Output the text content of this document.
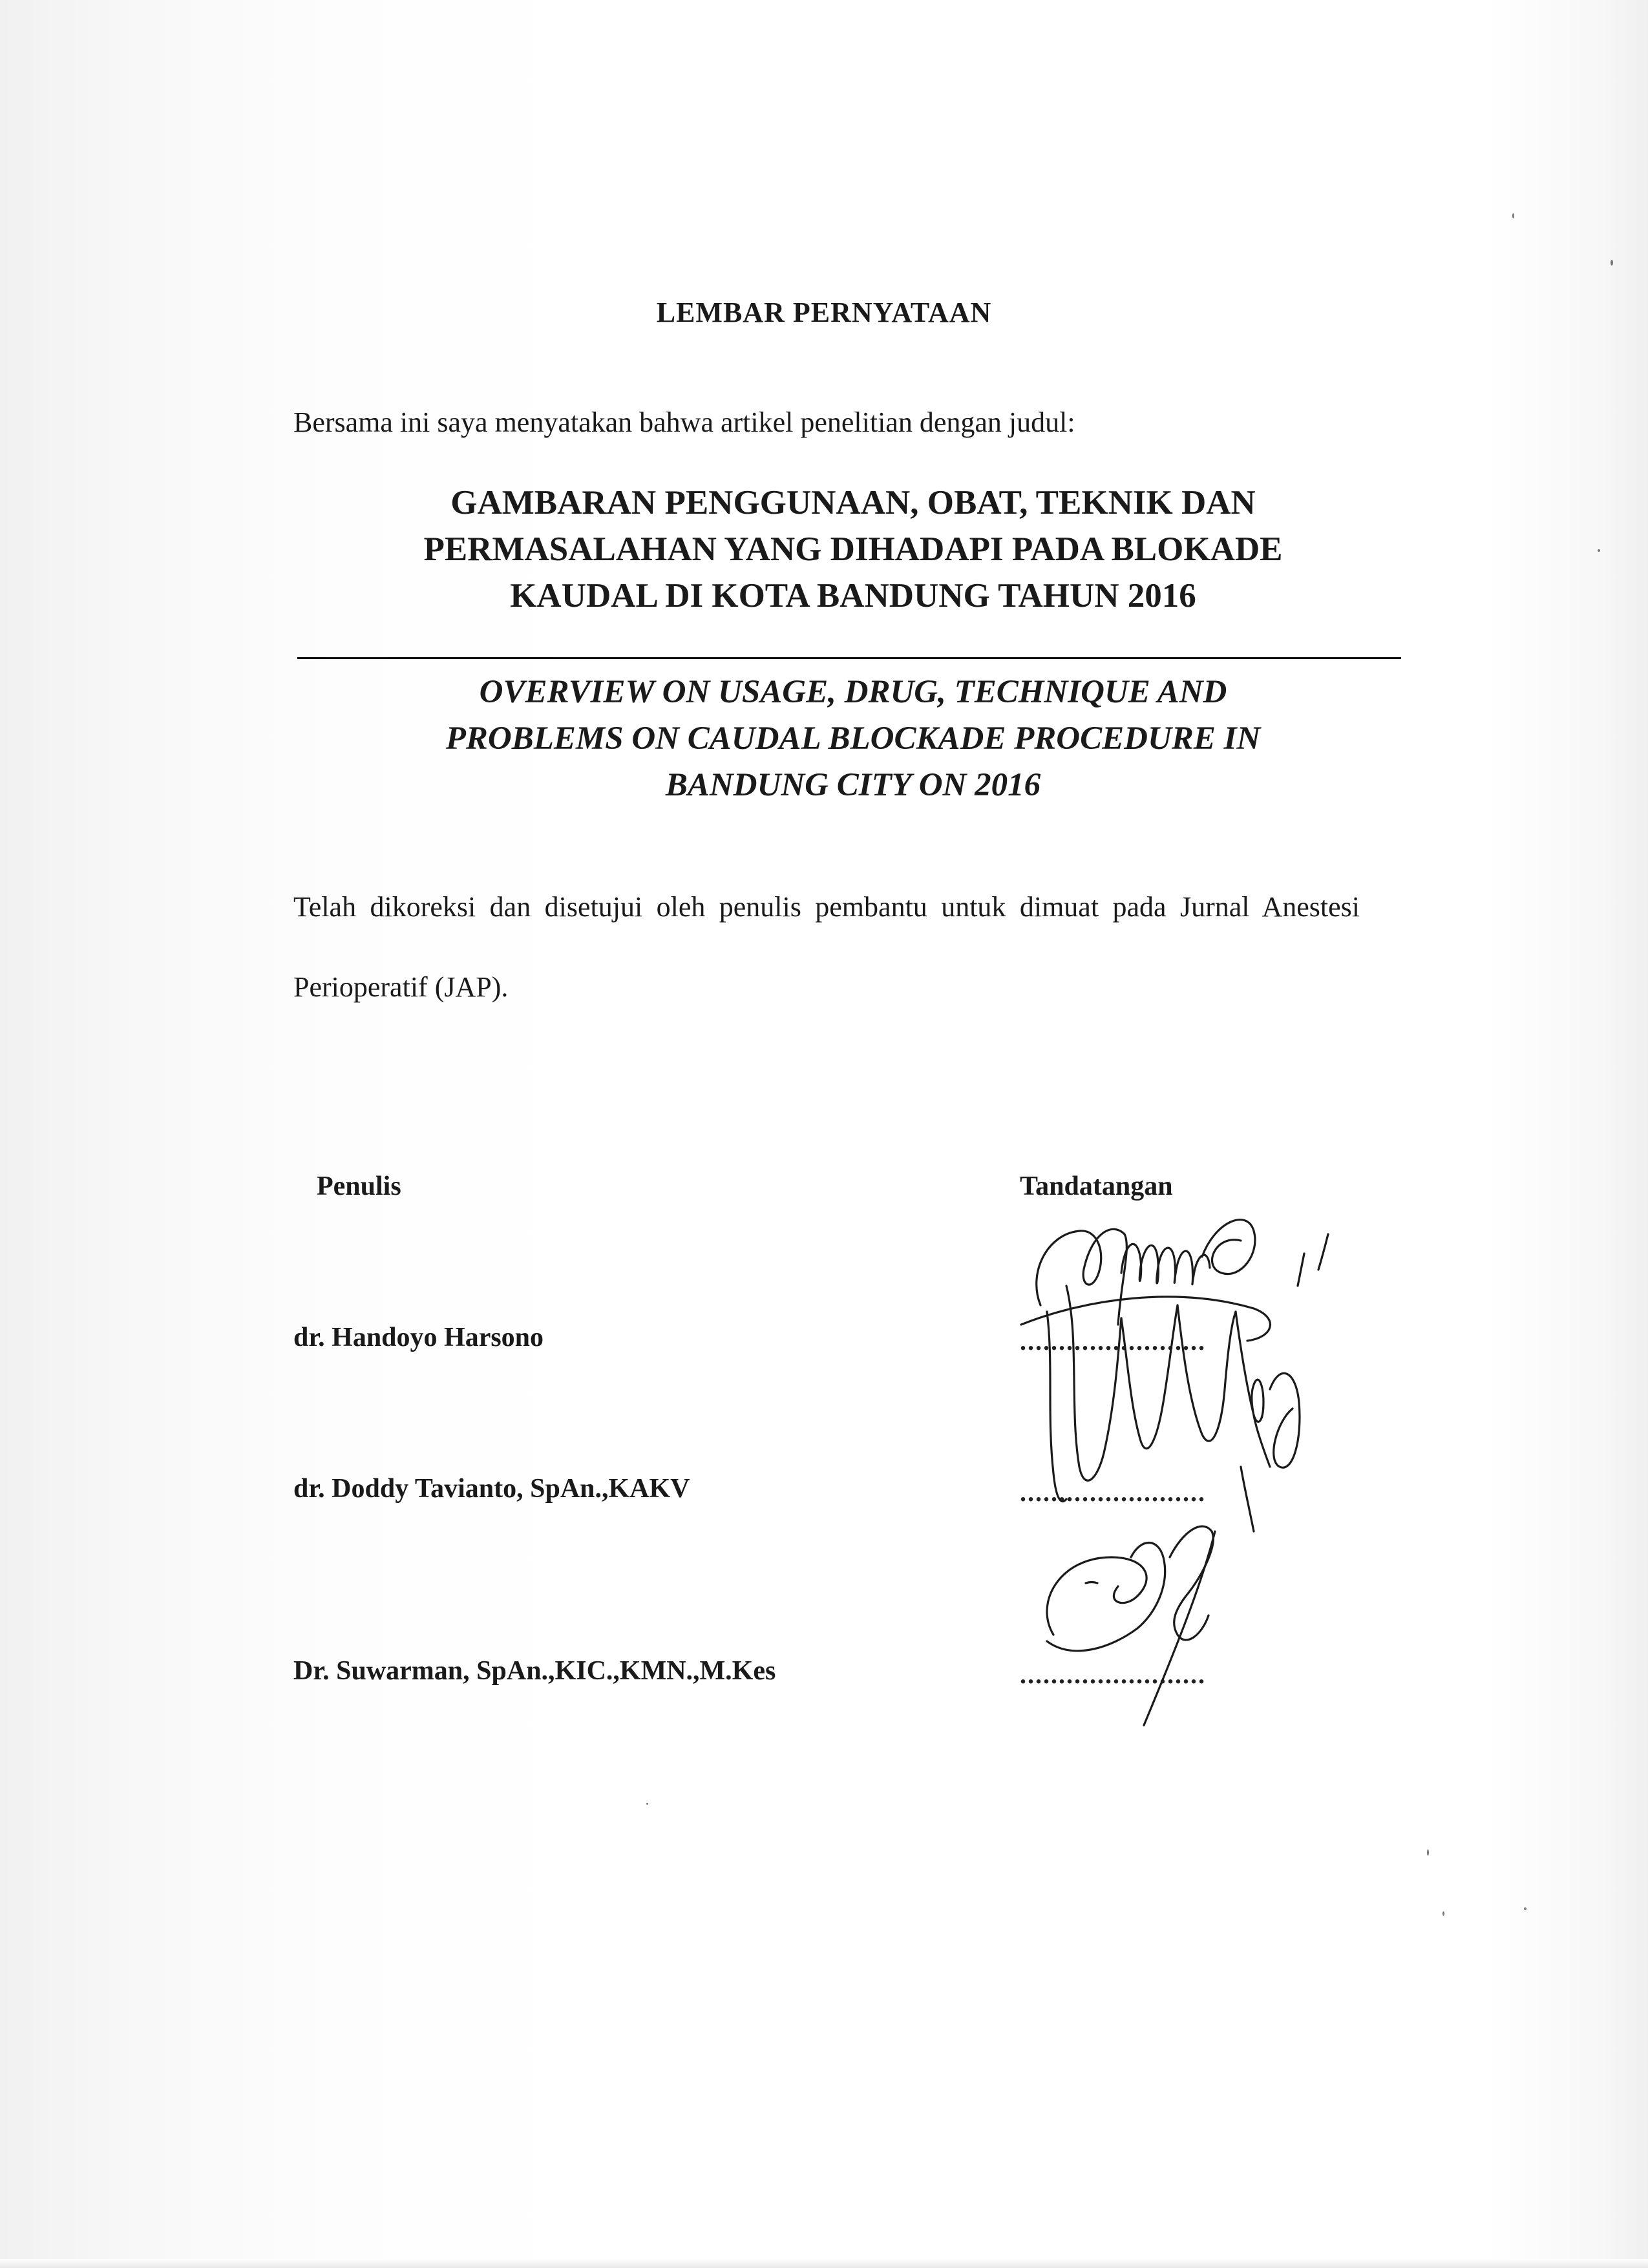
LEMBAR PERNYATAAN
Bersama ini saya menyatakan bahwa artikel penelitian dengan judul:
GAMBARAN PENGGUNAAN, OBAT, TEKNIK DAN
PERMASALAHAN YANG DIHADAPI PADA BLOKADE
KAUDAL DI KOTA BANDUNG TAHUN 2016
OVERVIEW ON USAGE, DRUG, TECHNIQUE AND
PROBLEMS ON CAUDAL BLOCKADE PROCEDURE IN
BANDUNG CITY ON 2016

Telah dikoreksi dan disetujui oleh penulis pembantu untuk dimuat pada Jurnal Anestesi Perioperatif (JAP).

Penulis	Tandatangan
dr. Handoyo Harsono	........................
dr. Doddy Tavianto, SpAn.,KAKV	........................
Dr. Suwarman, SpAn.,KIC.,KMN.,M.Kes	........................
